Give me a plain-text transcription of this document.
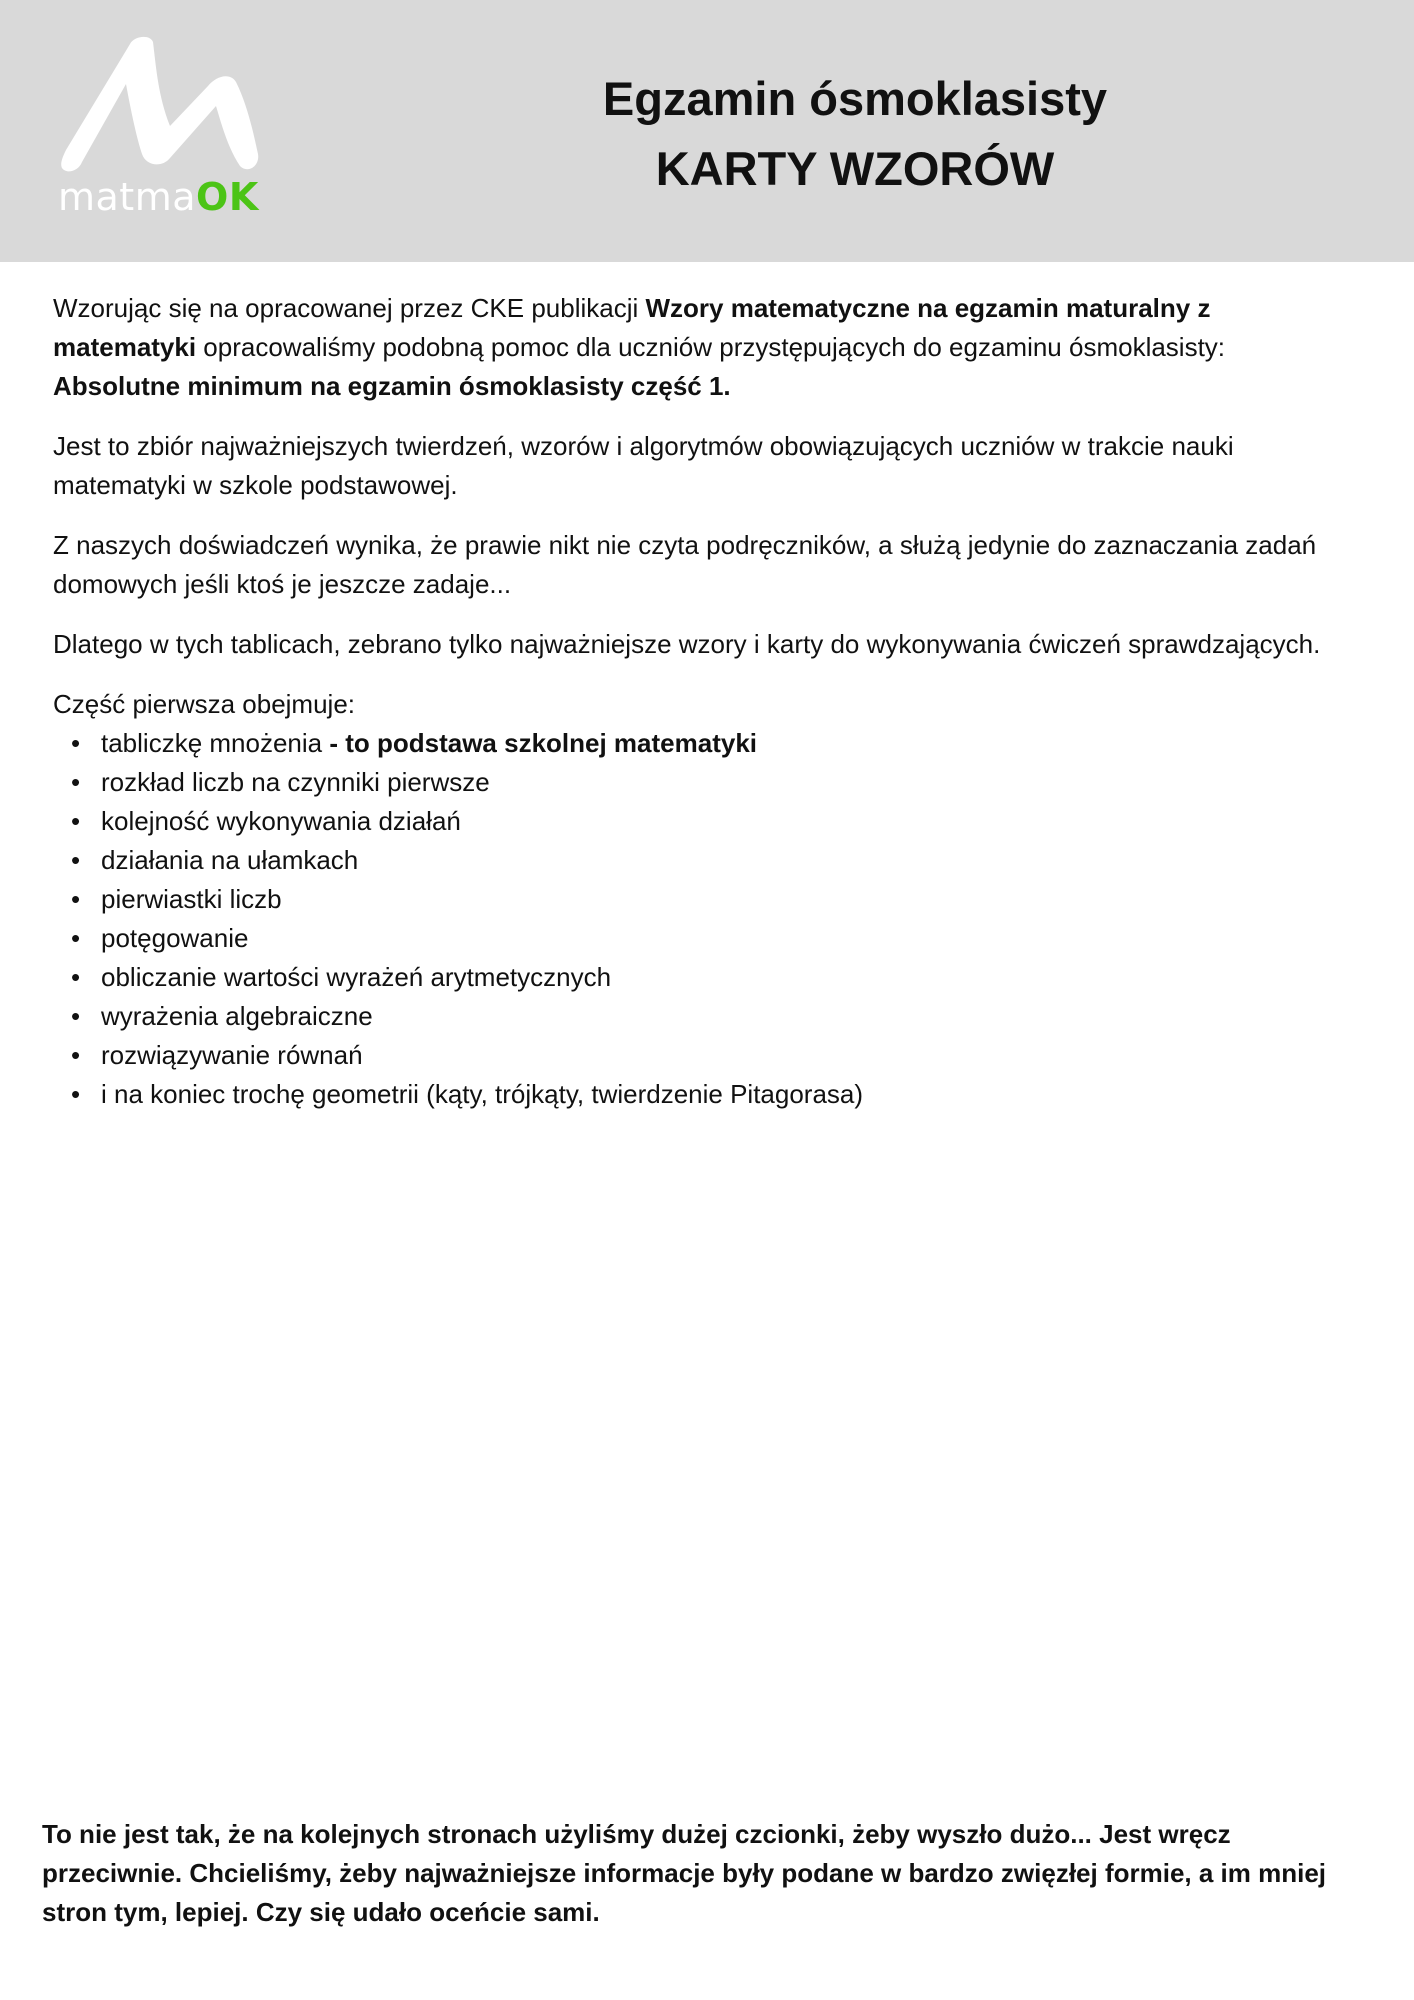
matmaOK
Egzamin ósmoklasisty
KARTY WZORÓW

Wzorując się na opracowanej przez CKE publikacji Wzory matematyczne na egzamin maturalny z matematyki opracowaliśmy podobną pomoc dla uczniów przystępujących do egzaminu ósmoklasisty: Absolutne minimum na egzamin ósmoklasisty część 1.

Jest to zbiór najważniejszych twierdzeń, wzorów i algorytmów obowiązujących uczniów w trakcie nauki matematyki w szkole podstawowej.

Z naszych doświadczeń wynika, że prawie nikt nie czyta podręczników, a służą jedynie do zaznaczania zadań domowych jeśli ktoś je jeszcze zadaje...

Dlatego w tych tablicach, zebrano tylko najważniejsze wzory i karty do wykonywania ćwiczeń sprawdzających.

Część pierwsza obejmuje:
• tabliczkę mnożenia - to podstawa szkolnej matematyki
• rozkład liczb na czynniki pierwsze
• kolejność wykonywania działań
• działania na ułamkach
• pierwiastki liczb
• potęgowanie
• obliczanie wartości wyrażeń arytmetycznych
• wyrażenia algebraiczne
• rozwiązywanie równań
• i na koniec trochę geometrii (kąty, trójkąty, twierdzenie Pitagorasa)
To nie jest tak, że na kolejnych stronach użyliśmy dużej czcionki, żeby wyszło dużo... Jest wręcz przeciwnie. Chcieliśmy, żeby najważniejsze informacje były podane w bardzo zwięzłej formie, a im mniej stron tym, lepiej. Czy się udało oceńcie sami.
